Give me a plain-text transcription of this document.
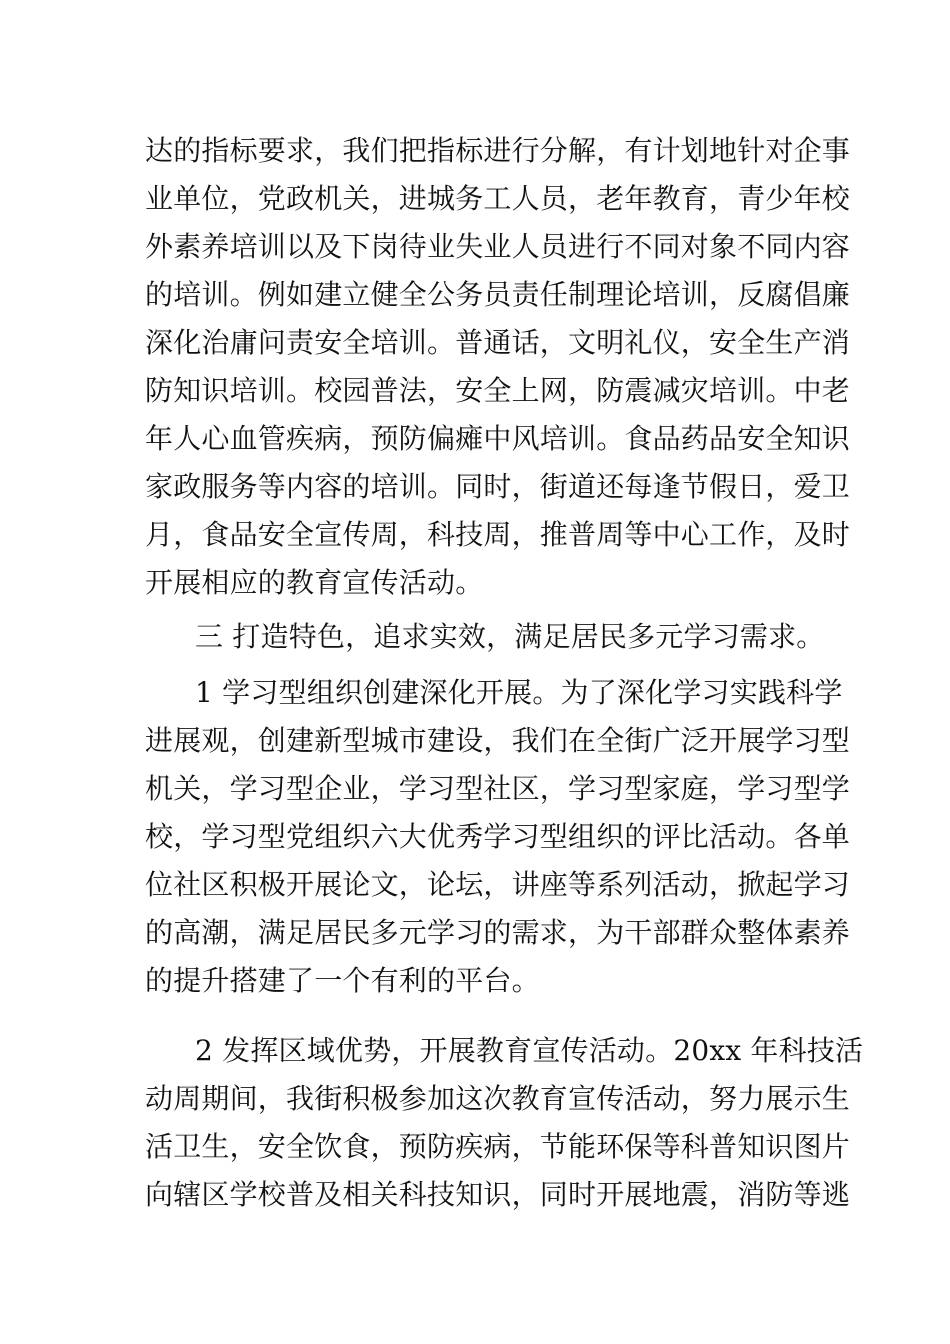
达的指标要求，我们把指标进行分解，有计划地针对企事
业单位，党政机关，进城务工人员，老年教育，青少年校
外素养培训以及下岗待业失业人员进行不同对象不同内容
的培训。例如建立健全公务员责任制理论培训，反腐倡廉
深化治庸问责安全培训。普通话，文明礼仪，安全生产消
防知识培训。校园普法，安全上网，防震减灾培训。中老
年人心血管疾病，预防偏瘫中风培训。食品药品安全知识
家政服务等内容的培训。同时，街道还每逢节假日，爱卫
月，食品安全宣传周，科技周，推普周等中心工作，及时
开展相应的教育宣传活动。
三 打造特色，追求实效，满足居民多元学习需求。
1 学习型组织创建深化开展。为了深化学习实践科学
进展观，创建新型城市建设，我们在全街广泛开展学习型
机关，学习型企业，学习型社区，学习型家庭，学习型学
校，学习型党组织六大优秀学习型组织的评比活动。各单
位社区积极开展论文，论坛，讲座等系列活动，掀起学习
的高潮，满足居民多元学习的需求，为干部群众整体素养
的提升搭建了一个有利的平台。
2 发挥区域优势，开展教育宣传活动。20xx 年科技活
动周期间，我街积极参加这次教育宣传活动，努力展示生
活卫生，安全饮食，预防疾病，节能环保等科普知识图片
向辖区学校普及相关科技知识，同时开展地震，消防等逃
